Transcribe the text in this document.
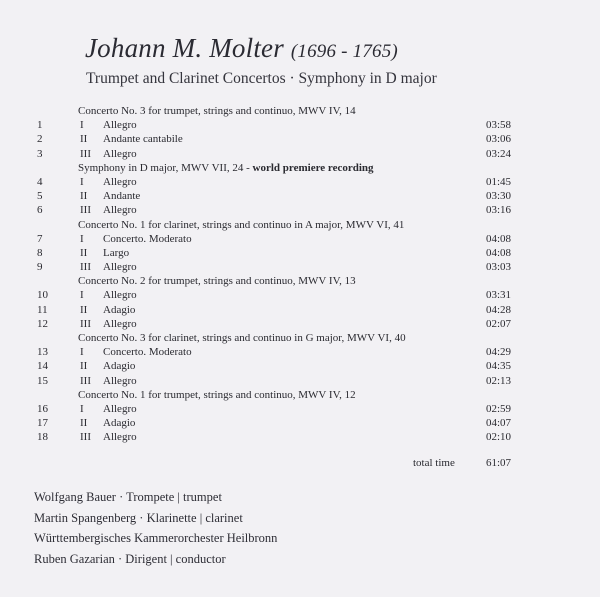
Johann M. Molter (1696 - 1765)
Trumpet and Clarinet Concertos · Symphony in D major
Concerto No. 3 for trumpet, strings and continuo, MWV IV, 14
1	I	Allegro	03:58
2	II	Andante cantabile	03:06
3	III Allegro	03:24
Symphony in D major, MWV VII, 24 - world premiere recording
4	I	Allegro	01:45
5	II	Andante	03:30
6	III Allegro	03:16
Concerto No. 1 for clarinet, strings and continuo in A major, MWV VI, 41
7	I	Concerto. Moderato	04:08
8	II	Largo	04:08
9	III Allegro	03:03
Concerto No. 2 for trumpet, strings and continuo, MWV IV, 13
10	I	Allegro	03:31
11	II	Adagio	04:28
12	III Allegro	02:07
Concerto No. 3 for clarinet, strings and continuo in G major, MWV VI, 40
13	I	Concerto. Moderato	04:29
14	II	Adagio	04:35
15	III Allegro	02:13
Concerto No. 1 for trumpet, strings and continuo, MWV IV, 12
16	I	Allegro	02:59
17	II	Adagio	04:07
18	III Allegro	02:10
total time	61:07
Wolfgang Bauer · Trompete | trumpet
Martin Spangenberg · Klarinette | clarinet
Württembergisches Kammerorchester Heilbronn
Ruben Gazarian · Dirigent | conductor
